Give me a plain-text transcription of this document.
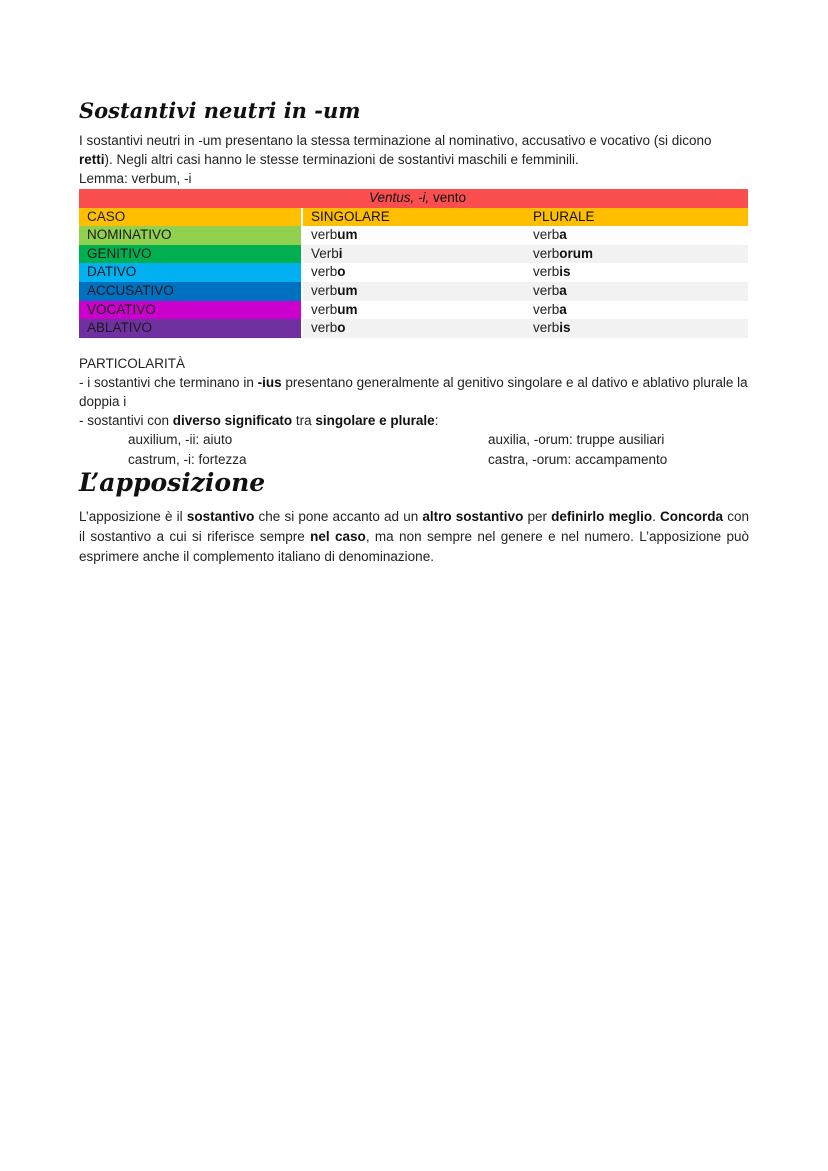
Sostantivi neutri in -um

I sostantivi neutri in -um presentano la stessa terminazione al nominativo, accusativo e vocativo (si dicono retti). Negli altri casi hanno le stesse terminazioni de sostantivi maschili e femminili.

Lemma: verbum, -i

Ventus, -i, vento		
CASO	SINGOLARE	PLURALE
NOMINATIVO	verbum	verba
GENITIVO	Verbi	verborum
DATIVO	verbo	verbis
ACCUSATIVO	verbum	verba
VOCATIVO	verbum	verba
ABLATIVO	verbo	verbis

PARTICOLARITÀ

- i sostantivi che terminano in -ius presentano generalmente al genitivo singolare e al dativo e ablativo plurale la doppia i

- sostantivi con diverso significato tra singolare e plurale:

auxilium, -ii: aiuto	auxilia, -orum: truppe ausiliari
castrum, -i: fortezza	castra, -orum: accampamento
L’apposizione

L’apposizione è il sostantivo che si pone accanto ad un altro sostantivo per definirlo meglio. Concorda con il sostantivo a cui si riferisce sempre nel caso, ma non sempre nel genere e nel numero. L’apposizione può esprimere anche il complemento italiano di denominazione.
